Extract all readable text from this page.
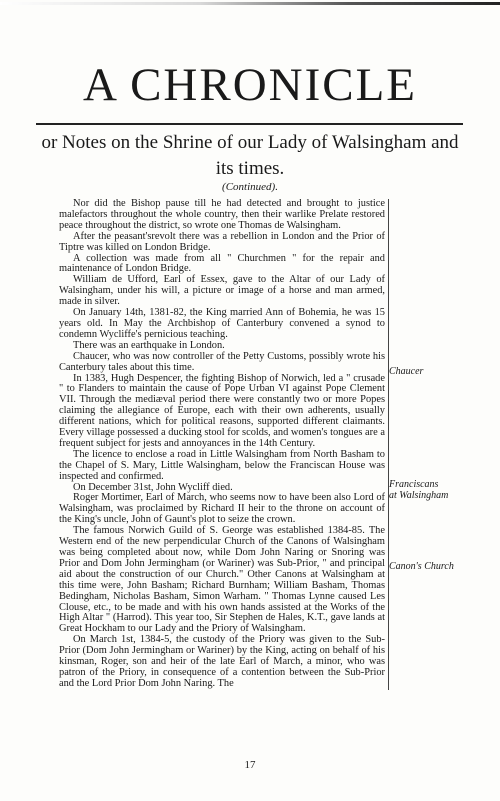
A CHRONICLE

or Notes on the Shrine of our Lady of Walsingham and its times.

(Continued).

Nor did the Bishop pause till he had detected and brought to justice malefactors throughout the whole country, then their warlike Prelate restored peace throughout the district, so wrote one Thomas de Walsingham.

After the peasant'srevolt there was a rebellion in London and the Prior of Tiptre was killed on London Bridge.

A collection was made from all " Churchmen " for the repair and maintenance of London Bridge.

William de Ufford, Earl of Essex, gave to the Altar of our Lady of Walsingham, under his will, a picture or image of a horse and man armed, made in silver.

On January 14th, 1381-82, the King married Ann of Bohemia, he was 15 years old. In May the Archbishop of Canterbury convened a synod to condemn Wycliffe's pernicious teaching.

There was an earthquake in London.

Chaucer, who was now controller of the Petty Customs, possibly wrote his Canterbury tales about this time.

In 1383, Hugh Despencer, the fighting Bishop of Norwich, led a " crusade " to Flanders to maintain the cause of Pope Urban VI against Pope Clement VII. Through the mediæval period there were constantly two or more Popes claiming the allegiance of Europe, each with their own adherents, usually different nations, which for political reasons, supported different claimants. Every village possessed a ducking stool for scolds, and women's tongues are a frequent subject for jests and annoyances in the 14th Century.

The licence to enclose a road in Little Walsingham from North Basham to the Chapel of S. Mary, Little Walsingham, below the Franciscan House was inspected and confirmed.

On December 31st, John Wycliff died.

Roger Mortimer, Earl of March, who seems now to have been also Lord of Walsingham, was proclaimed by Richard II heir to the throne on account of the King's uncle, John of Gaunt's plot to seize the crown.

The famous Norwich Guild of S. George was established 1384-85. The Western end of the new perpendicular Church of the Canons of Walsingham was being completed about now, while Dom John Naring or Snoring was Prior and Dom John Jermingham (or Wariner) was Sub-Prior, " and principal aid about the construction of our Church." Other Canons at Walsingham at this time were, John Basham; Richard Burnham; William Basham, Thomas Bedingham, Nicholas Basham, Simon Warham. " Thomas Lynne caused Les Clouse, etc., to be made and with his own hands assisted at the Works of the High Altar " (Harrod). This year too, Sir Stephen de Hales, K.T., gave lands at Great Hockham to our Lady and the Priory of Walsingham.

On March 1st, 1384-5, the custody of the Priory was given to the Sub-Prior (Dom John Jermingham or Wariner) by the King, acting on behalf of his kinsman, Roger, son and heir of the late Earl of March, a minor, who was patron of the Priory, in consequence of a contention between the Sub-Prior and the Lord Prior Dom John Naring. The

Chaucer
Franciscans
at Walsingham
Canon's Church
17
